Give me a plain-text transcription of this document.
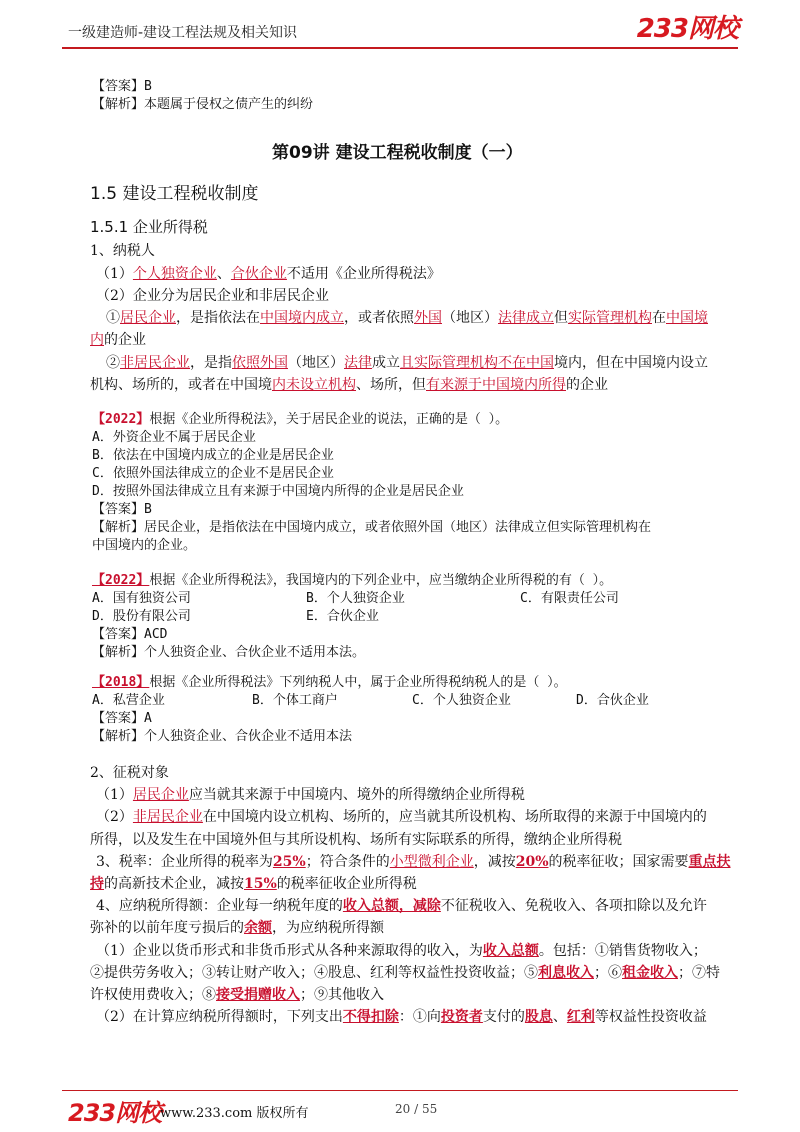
一级建造师-建设工程法规及相关知识	233网校
【答案】B
【解析】本题属于侵权之债产生的纠纷
第09讲 建设工程税收制度（一）
1.5 建设工程税收制度
1.5.1 企业所得税
1、纳税人
（1）个人独资企业、合伙企业不适用《企业所得税法》
（2）企业分为居民企业和非居民企业
①居民企业，是指依法在中国境内成立，或者依照外国（地区）法律成立但实际管理机构在中国境
内的企业
②非居民企业，是指依照外国（地区）法律成立且实际管理机构不在中国境内，但在中国境内设立
机构、场所的，或者在中国境内未设立机构、场所，但有来源于中国境内所得的企业
【2022】根据《企业所得税法》，关于居民企业的说法，正确的是（ ）。
A．外资企业不属于居民企业
B．依法在中国境内成立的企业是居民企业
C．依照外国法律成立的企业不是居民企业
D．按照外国法律成立且有来源于中国境内所得的企业是居民企业
【答案】B
【解析】居民企业，是指依法在中国境内成立，或者依照外国（地区）法律成立但实际管理机构在
中国境内的企业。
【2022】根据《企业所得税法》，我国境内的下列企业中，应当缴纳企业所得税的有（ ）。
A．国有独资公司	B．个人独资企业	C．有限责任公司
D．股份有限公司	E．合伙企业
【答案】ACD
【解析】个人独资企业、合伙企业不适用本法。
【2018】根据《企业所得税法》下列纳税人中，属于企业所得税纳税人的是（ ）。
A．私营企业	B．个体工商户	C．个人独资企业	D．合伙企业
【答案】A
【解析】个人独资企业、合伙企业不适用本法
2、征税对象
（1）居民企业应当就其来源于中国境内、境外的所得缴纳企业所得税
（2）非居民企业在中国境内设立机构、场所的，应当就其所设机构、场所取得的来源于中国境内的
所得，以及发生在中国境外但与其所设机构、场所有实际联系的所得，缴纳企业所得税
3、税率：企业所得的税率为25%；符合条件的小型微利企业，减按20%的税率征收；国家需要重点扶
持的高新技术企业，减按15%的税率征收企业所得税
4、应纳税所得额：企业每一纳税年度的收入总额，减除不征税收入、免税收入、各项扣除以及允许
弥补的以前年度亏损后的余额，为应纳税所得额
（1）企业以货币形式和非货币形式从各种来源取得的收入，为收入总额。包括：①销售货物收入；
②提供劳务收入；③转让财产收入；④股息、红利等权益性投资收益；⑤利息收入；⑥租金收入；⑦特
许权使用费收入；⑧接受捐赠收入；⑨其他收入
（2）在计算应纳税所得额时，下列支出不得扣除：①向投资者支付的股息、红利等权益性投资收益
233网校
www.233.com 版权所有	20 / 55
